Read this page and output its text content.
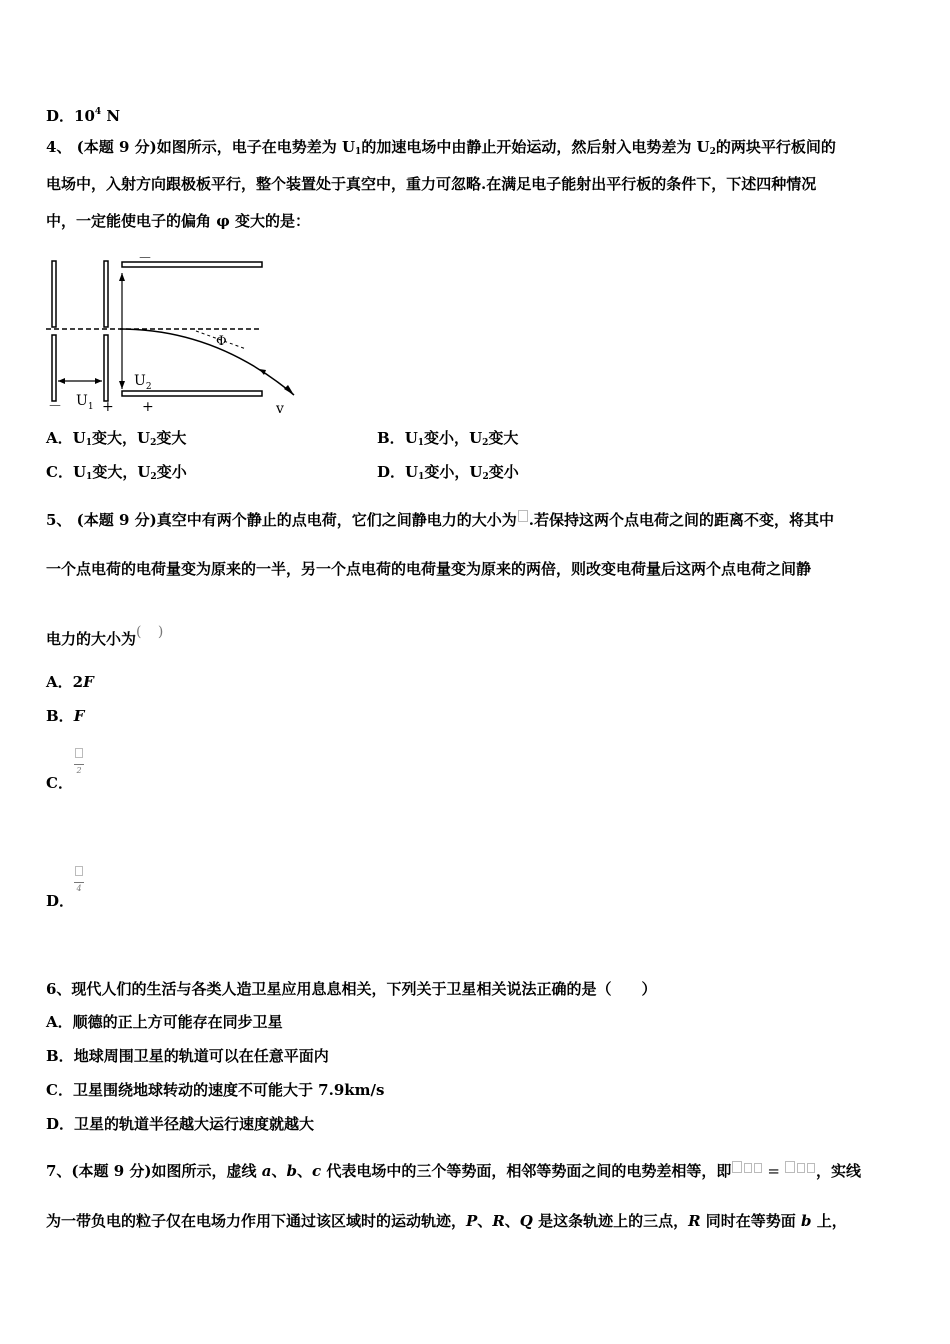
D．$10^4$ N
4、 (本题 9 分)如图所示，电子在电势差为 $U_1$的加速电场中由静止开始运动，然后射入电势差为 $U_2$的两块平行板间的
电场中，入射方向跟极板平行，整个装置处于真空中，重力可忽略.在满足电子能射出平行板的条件下，下述四种情况
中，一定能使电子的偏角 φ 变大的是：
－
Φ
$U_2$
$U_1$
－	+ +	v
A．$U_1$变大，$U_2$变大	B．$U_1$变小，$U_2$变大
C．$U_1$变大，$U_2$变小	D．$U_1$变小，$U_2$变小
5、 (本题 9 分)真空中有两个静止的点电荷，它们之间静电力的大小为 .若保持这两个点电荷之间的距离不变，将其中
一个点电荷的电荷量变为原来的一半，另一个点电荷的电荷量变为原来的两倍，则改变电荷量后这两个点电荷之间静
电力的大小为( )
A．2F
B．F
2
C．
4
D．
6、现代人们的生活与各类人造卫星应用息息相关，下列关于卫星相关说法正确的是（　　）
A．顺德的正上方可能存在同步卫星
B．地球周围卫星的轨道可以在任意平面内
C．卫星围绕地球转动的速度不可能大于 7.9km/s
D．卫星的轨道半径越大运行速度就越大
7、(本题 9 分)如图所示，虚线 a、b、c 代表电场中的三个等势面，相邻等势面之间的电势差相等，即 = ，实线
为一带负电的粒子仅在电场力作用下通过该区域时的运动轨迹，P、R、Q 是这条轨迹上的三点，R 同时在等势面 b 上，
